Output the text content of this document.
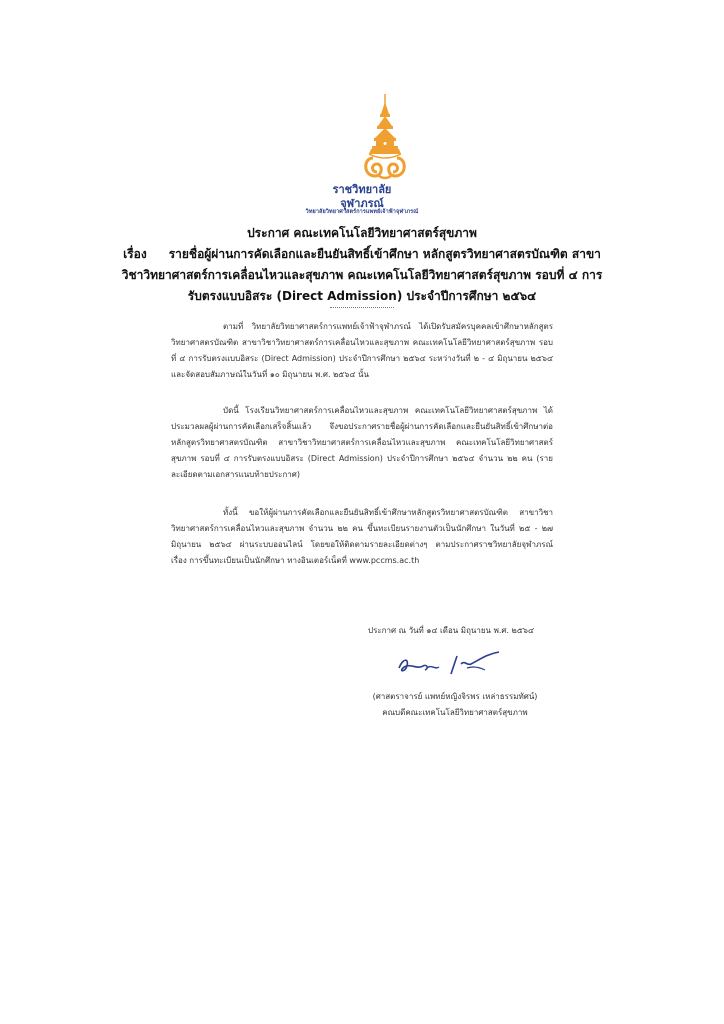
ราชวิทยาลัย
จุฬาภรณ์
วิทยาลัยวิทยาศาสตร์การแพทย์เจ้าฟ้าจุฬาภรณ์
ประกาศ คณะเทคโนโลยีวิทยาศาสตร์สุขภาพ
เรื่อง รายชื่อผู้ผ่านการคัดเลือกและยืนยันสิทธิ์เข้าศึกษา หลักสูตรวิทยาศาสตรบัณฑิต สาขา
วิชาวิทยาศาสตร์การเคลื่อนไหวและสุขภาพ คณะเทคโนโลยีวิทยาศาสตร์สุขภาพ รอบที่ ๔ การ
รับตรงแบบอิสระ (Direct Admission) ประจำปีการศึกษา ๒๕๖๔
ตามที่ วิทยาลัยวิทยาศาสตร์การแพทย์เจ้าฟ้าจุฬาภรณ์ ได้เปิดรับสมัครบุคคลเข้าศึกษาหลักสูตร
วิทยาศาสตรบัณฑิต สาขาวิชาวิทยาศาสตร์การเคลื่อนไหวและสุขภาพ คณะเทคโนโลยีวิทยาศาสตร์สุขภาพ รอบ
ที่ ๔ การรับตรงแบบอิสระ (Direct Admission) ประจำปีการศึกษา ๒๕๖๔ ระหว่างวันที่ ๒ - ๔ มิถุนายน ๒๕๖๔
และจัดสอบสัมภาษณ์ในวันที่ ๑๐ มิถุนายน พ.ศ. ๒๕๖๔ นั้น
บัดนี้ โรงเรียนวิทยาศาสตร์การเคลื่อนไหวและสุขภาพ คณะเทคโนโลยีวิทยาศาสตร์สุขภาพ ได้
ประมวลผลผู้ผ่านการคัดเลือกเสร็จสิ้นแล้ว จึงขอประกาศรายชื่อผู้ผ่านการคัดเลือกและยืนยันสิทธิ์เข้าศึกษาต่อ
หลักสูตรวิทยาศาสตรบัณฑิต สาขาวิชาวิทยาศาสตร์การเคลื่อนไหวและสุขภาพ คณะเทคโนโลยีวิทยาศาสตร์
สุขภาพ รอบที่ ๔ การรับตรงแบบอิสระ (Direct Admission) ประจำปีการศึกษา ๒๕๖๔ จำนวน ๒๒ คน (ราย
ละเอียดตามเอกสารแนบท้ายประกาศ)
ทั้งนี้ ขอให้ผู้ผ่านการคัดเลือกและยืนยันสิทธิ์เข้าศึกษาหลักสูตรวิทยาศาสตรบัณฑิต สาขาวิชา
วิทยาศาสตร์การเคลื่อนไหวและสุขภาพ จำนวน ๒๒ คน ขึ้นทะเบียนรายงานตัวเป็นนักศึกษา ในวันที่ ๒๕ - ๒๗
มิถุนายน ๒๕๖๔ ผ่านระบบออนไลน์ โดยขอให้ติดตามรายละเอียดต่างๆ ตามประกาศราชวิทยาลัยจุฬาภรณ์
เรื่อง การขึ้นทะเบียนเป็นนักศึกษา ทางอินเตอร์เน็ตที่ www.pccms.ac.th
ประกาศ ณ วันที่ ๑๔ เดือน มิถุนายน พ.ศ. ๒๕๖๔
(ศาสตราจารย์ แพทย์หญิงจิรพร เหล่าธรรมทัศน์)
คณบดีคณะเทคโนโลยีวิทยาศาสตร์สุขภาพ
